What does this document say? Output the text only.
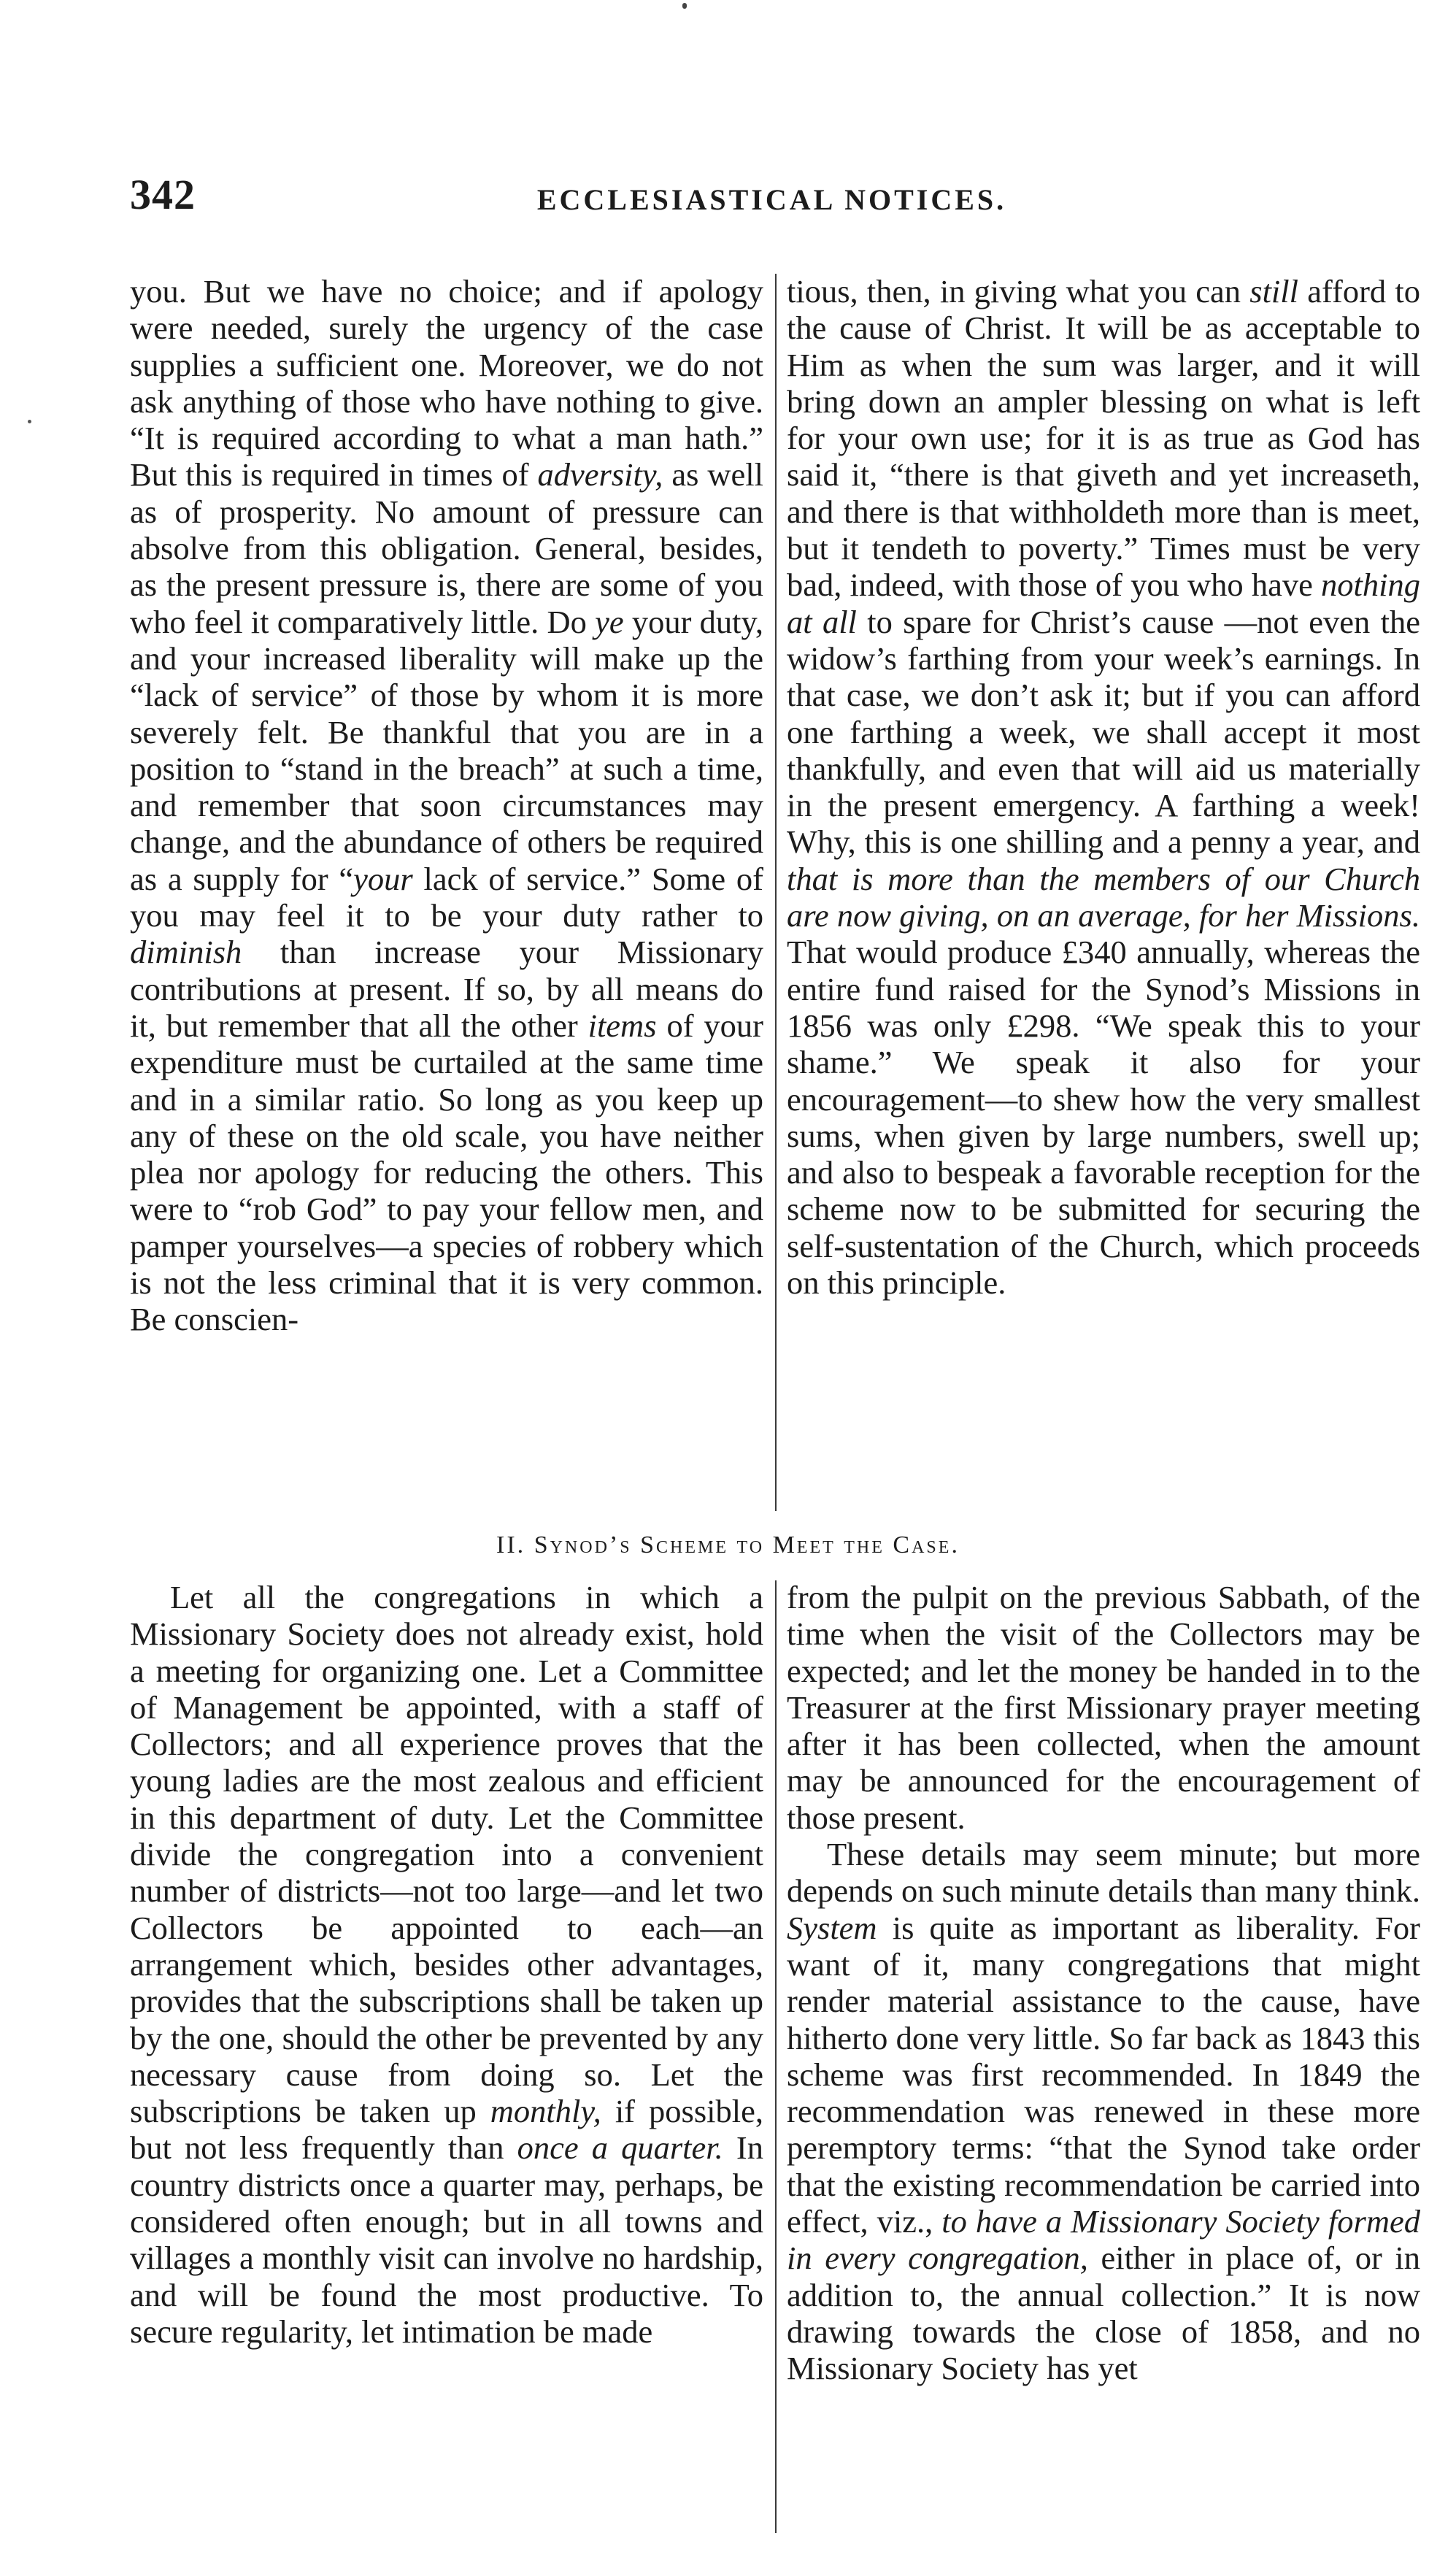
342	ECCLESIASTICAL NOTICES.

you. But we have no choice; and if apology were needed, surely the urgency of the case supplies a sufficient one. Moreover, we do not ask anything of those who have nothing to give. “It is required according to what a man hath.” But this is required in times of adversity, as well as of prosperity. No amount of pressure can absolve from this obligation. General, besides, as the present pressure is, there are some of you who feel it comparatively little. Do ye your duty, and your increased liberality will make up the “lack of service” of those by whom it is more severely felt. Be thankful that you are in a position to “stand in the breach” at such a time, and remember that soon circumstances may change, and the abundance of others be required as a supply for “your lack of service.” Some of you may feel it to be your duty rather to diminish than increase your Missionary contributions at present. If so, by all means do it, but remember that all the other items of your expenditure must be curtailed at the same time and in a similar ratio. So long as you keep up any of these on the old scale, you have neither plea nor apology for reducing the others. This were to “rob God” to pay your fellow men, and pamper yourselves—a species of robbery which is not the less criminal that it is very common. Be conscien-

tious, then, in giving what you can still afford to the cause of Christ. It will be as acceptable to Him as when the sum was larger, and it will bring down an ampler blessing on what is left for your own use; for it is as true as God has said it, “there is that giveth and yet increaseth, and there is that withholdeth more than is meet, but it tendeth to poverty.” Times must be very bad, indeed, with those of you who have nothing at all to spare for Christ’s cause —not even the widow’s farthing from your week’s earnings. In that case, we don’t ask it; but if you can afford one farthing a week, we shall accept it most thankfully, and even that will aid us materially in the present emergency. A farthing a week! Why, this is one shilling and a penny a year, and that is more than the members of our Church are now giving, on an average, for her Missions. That would produce £340 annually, whereas the entire fund raised for the Synod’s Missions in 1856 was only £298. “We speak this to your shame.” We speak it also for your encouragement—to shew how the very smallest sums, when given by large numbers, swell up; and also to bespeak a favorable reception for the scheme now to be submitted for securing the self-sustentation of the Church, which proceeds on this principle.

II. Synod’s Scheme to Meet the Case.

Let all the congregations in which a Missionary Society does not already exist, hold a meeting for organizing one. Let a Committee of Management be appointed, with a staff of Collectors; and all experience proves that the young ladies are the most zealous and efficient in this department of duty. Let the Committee divide the congregation into a convenient number of districts—not too large—and let two Collectors be appointed to each—an arrangement which, besides other advantages, provides that the subscriptions shall be taken up by the one, should the other be prevented by any necessary cause from doing so. Let the subscriptions be taken up monthly, if possible, but not less frequently than once a quarter. In country districts once a quarter may, perhaps, be considered often enough; but in all towns and villages a monthly visit can involve no hardship, and will be found the most productive. To secure regularity, let intimation be made

from the pulpit on the previous Sabbath, of the time when the visit of the Collectors may be expected; and let the money be handed in to the Treasurer at the first Missionary prayer meeting after it has been collected, when the amount may be announced for the encouragement of those present.

These details may seem minute; but more depends on such minute details than many think. System is quite as important as liberality. For want of it, many congregations that might render material assistance to the cause, have hitherto done very little. So far back as 1843 this scheme was first recommended. In 1849 the recommendation was renewed in these more peremptory terms: “that the Synod take order that the existing recommendation be carried into effect, viz., to have a Missionary Society formed in every congregation, either in place of, or in addition to, the annual collection.” It is now drawing towards the close of 1858, and no Missionary Society has yet
